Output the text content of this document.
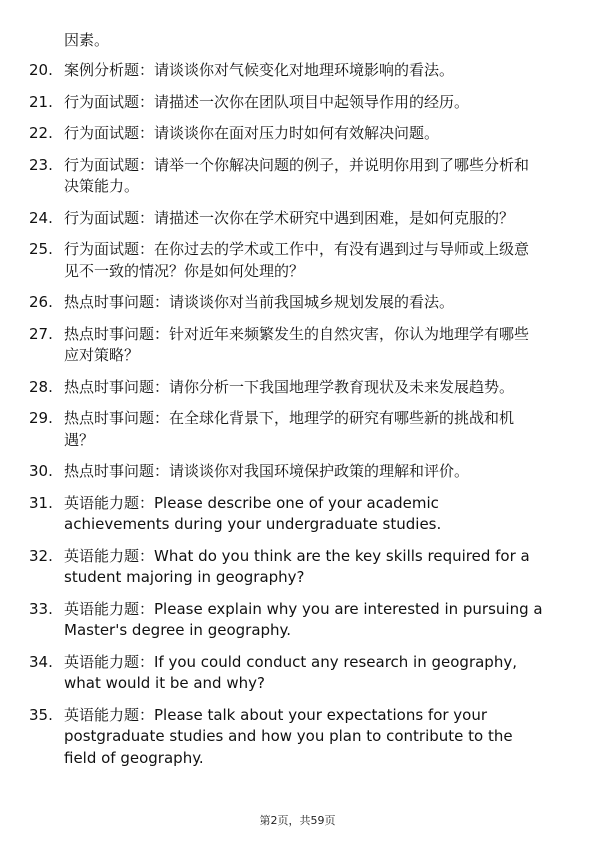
因素。
20. 案例分析题：请谈谈你对气候变化对地理环境影响的看法。
21. 行为面试题：请描述一次你在团队项目中起领导作用的经历。
22. 行为面试题：请谈谈你在面对压力时如何有效解决问题。
23. 行为面试题：请举一个你解决问题的例子，并说明你用到了哪些分析和决策能力。
24. 行为面试题：请描述一次你在学术研究中遇到困难，是如何克服的？
25. 行为面试题：在你过去的学术或工作中，有没有遇到过与导师或上级意见不一致的情况？你是如何处理的？
26. 热点时事问题：请谈谈你对当前我国城乡规划发展的看法。
27. 热点时事问题：针对近年来频繁发生的自然灾害，你认为地理学有哪些应对策略？
28. 热点时事问题：请你分析一下我国地理学教育现状及未来发展趋势。
29. 热点时事问题：在全球化背景下，地理学的研究有哪些新的挑战和机遇？
30. 热点时事问题：请谈谈你对我国环境保护政策的理解和评价。
31. 英语能力题：Please describe one of your academic achievements during your undergraduate studies.
32. 英语能力题：What do you think are the key skills required for a student majoring in geography?
33. 英语能力题：Please explain why you are interested in pursuing a Master's degree in geography.
34. 英语能力题：If you could conduct any research in geography, what would it be and why?
35. 英语能力题：Please talk about your expectations for your postgraduate studies and how you plan to contribute to the field of geography.
第2页，共59页
